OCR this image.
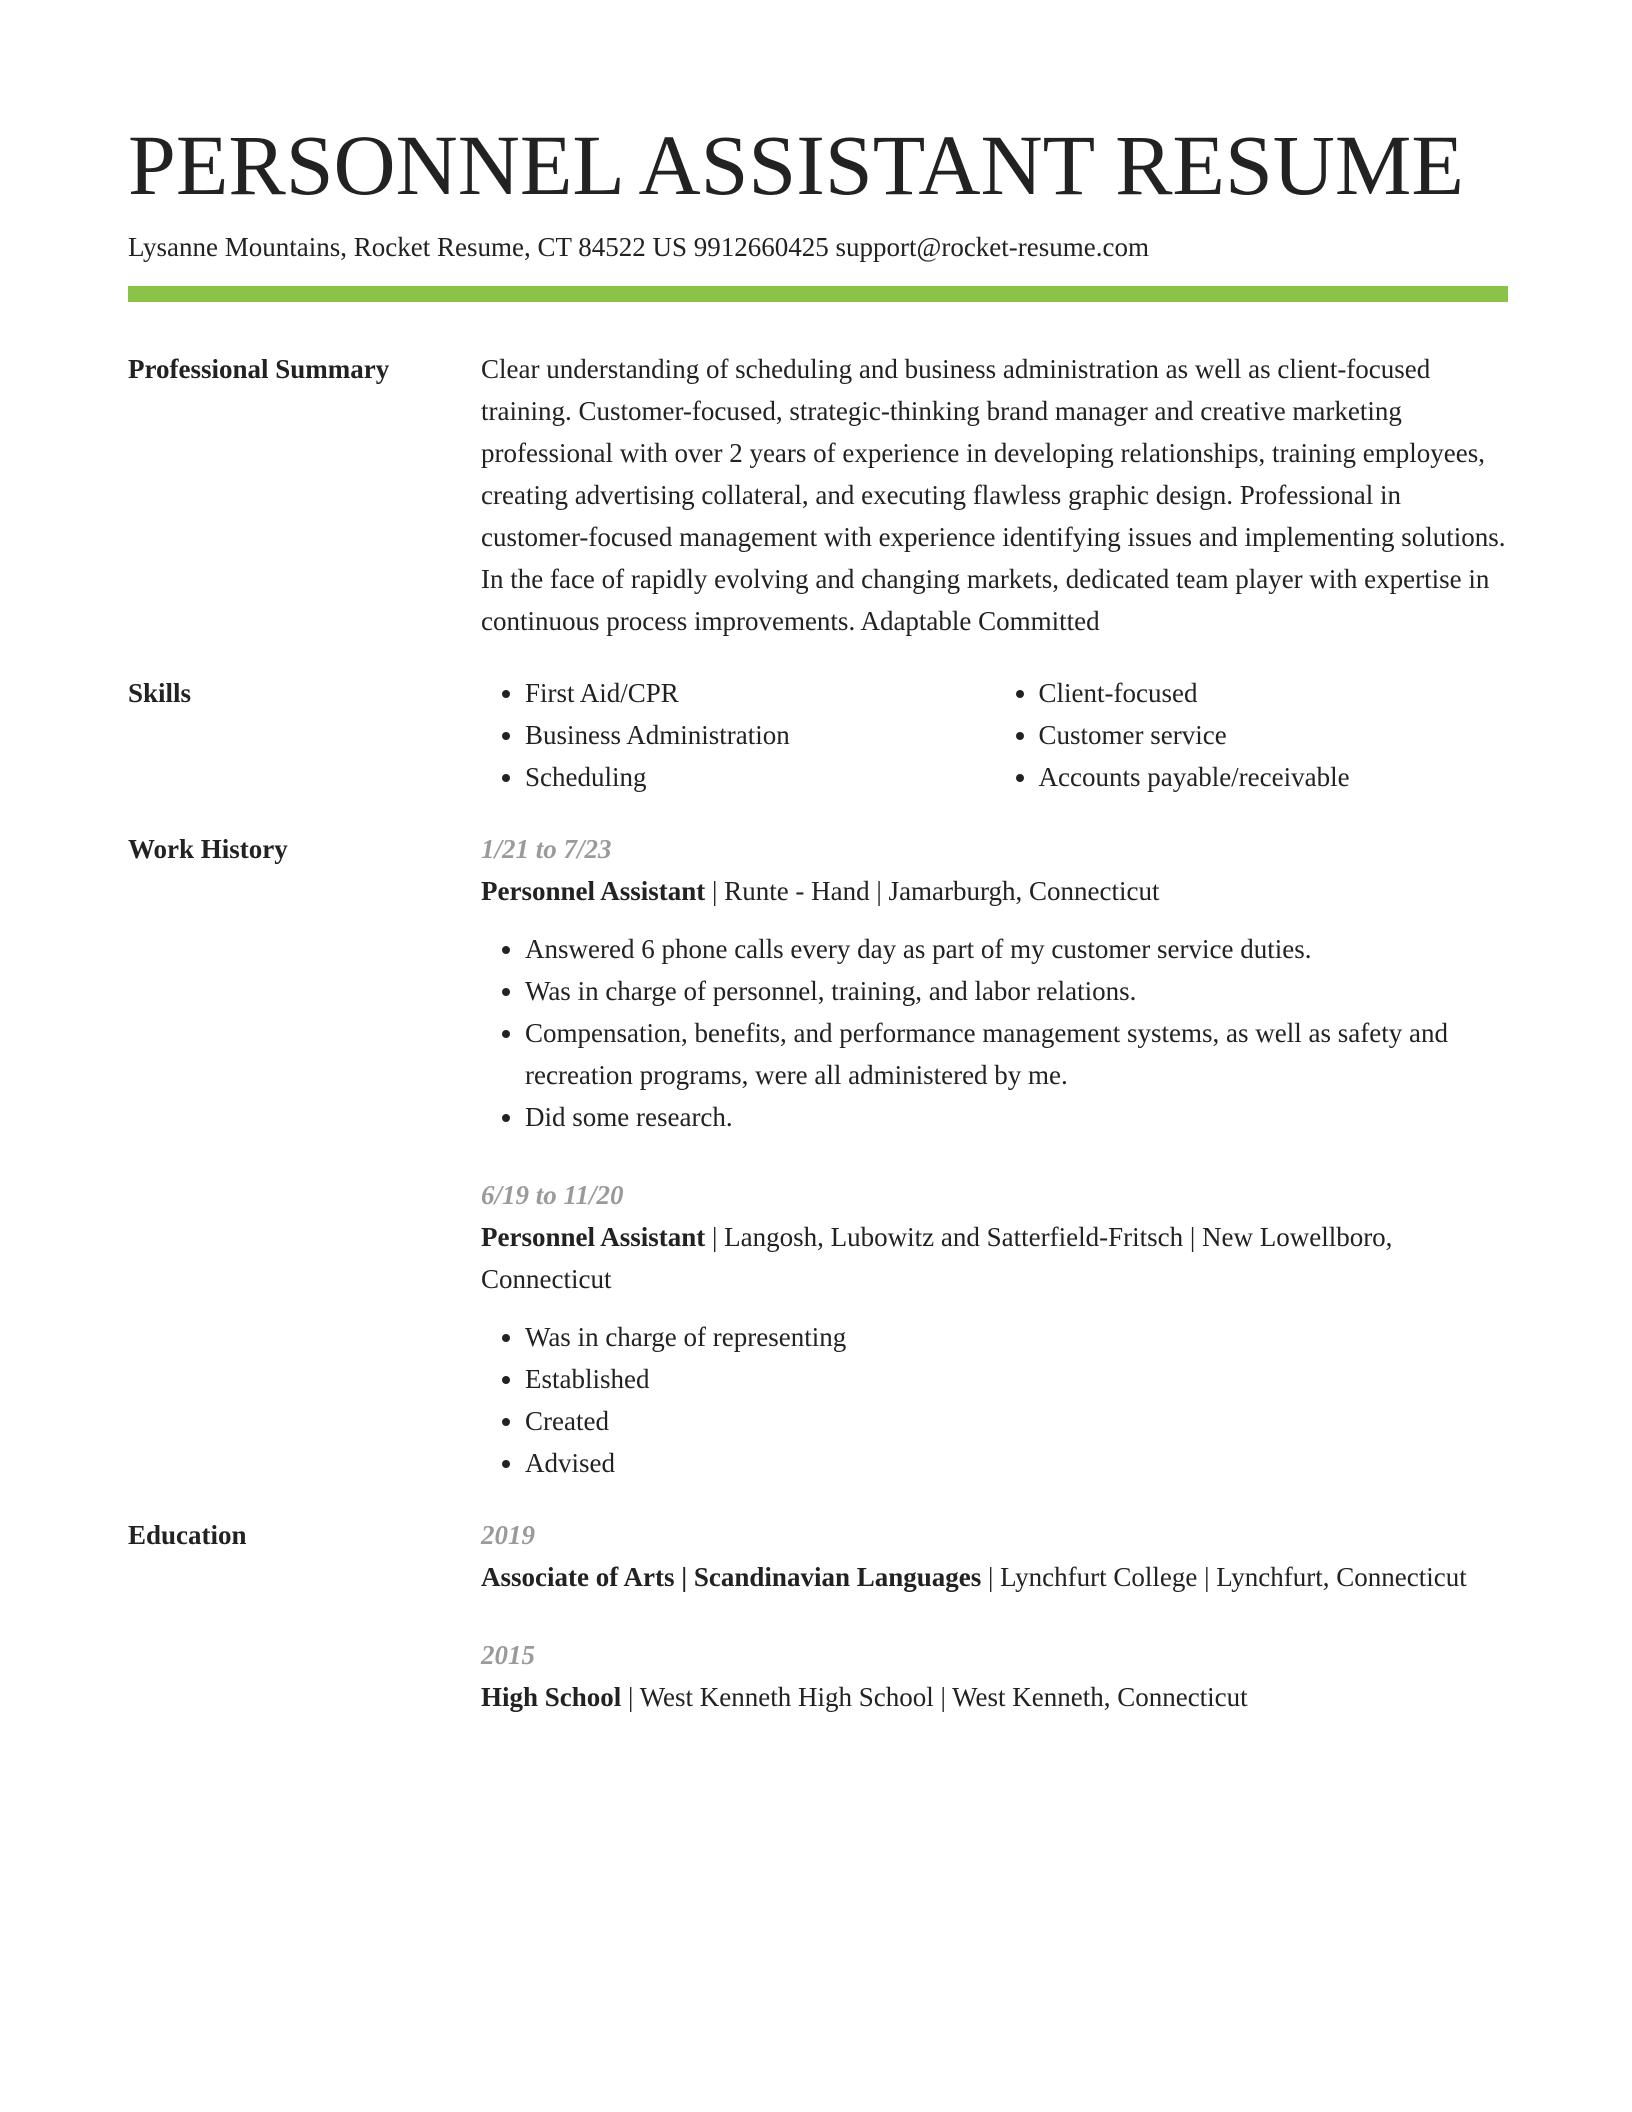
PERSONNEL ASSISTANT RESUME
Lysanne Mountains, Rocket Resume, CT 84522 US 9912660425 support@rocket-resume.com
Professional Summary	Clear understanding of scheduling and business administration as well as client-focused training. Customer-focused, strategic-thinking brand manager and creative marketing professional with over 2 years of experience in developing relationships, training employees, creating advertising collateral, and executing flawless graphic design. Professional in customer-focused management with experience identifying issues and implementing solutions. In the face of rapidly evolving and changing markets, dedicated team player with expertise in continuous process improvements. Adaptable Committed

Skills
•	First Aid/CPR
• Business Administration
• Scheduling
• Client-focused
• Customer service
• Accounts payable/receivable
Work History	1/21 to 7/23
Personnel Assistant | Runte - Hand | Jamarburgh, Connecticut
• Answered 6 phone calls every day as part of my customer service duties.
• Was in charge of personnel, training, and labor relations.
• Compensation, benefits, and performance management systems, as well as safety and recreation programs, were all administered by me.
• Did some research.
6/19 to 11/20
Personnel Assistant | Langosh, Lubowitz and Satterfield-Fritsch | New Lowellboro, Connecticut
• Was in charge of representing
• Established
• Created
• Advised
Education	2019
Associate of Arts | Scandinavian Languages | Lynchfurt College | Lynchfurt, Connecticut
2015
High School | West Kenneth High School | West Kenneth, Connecticut
